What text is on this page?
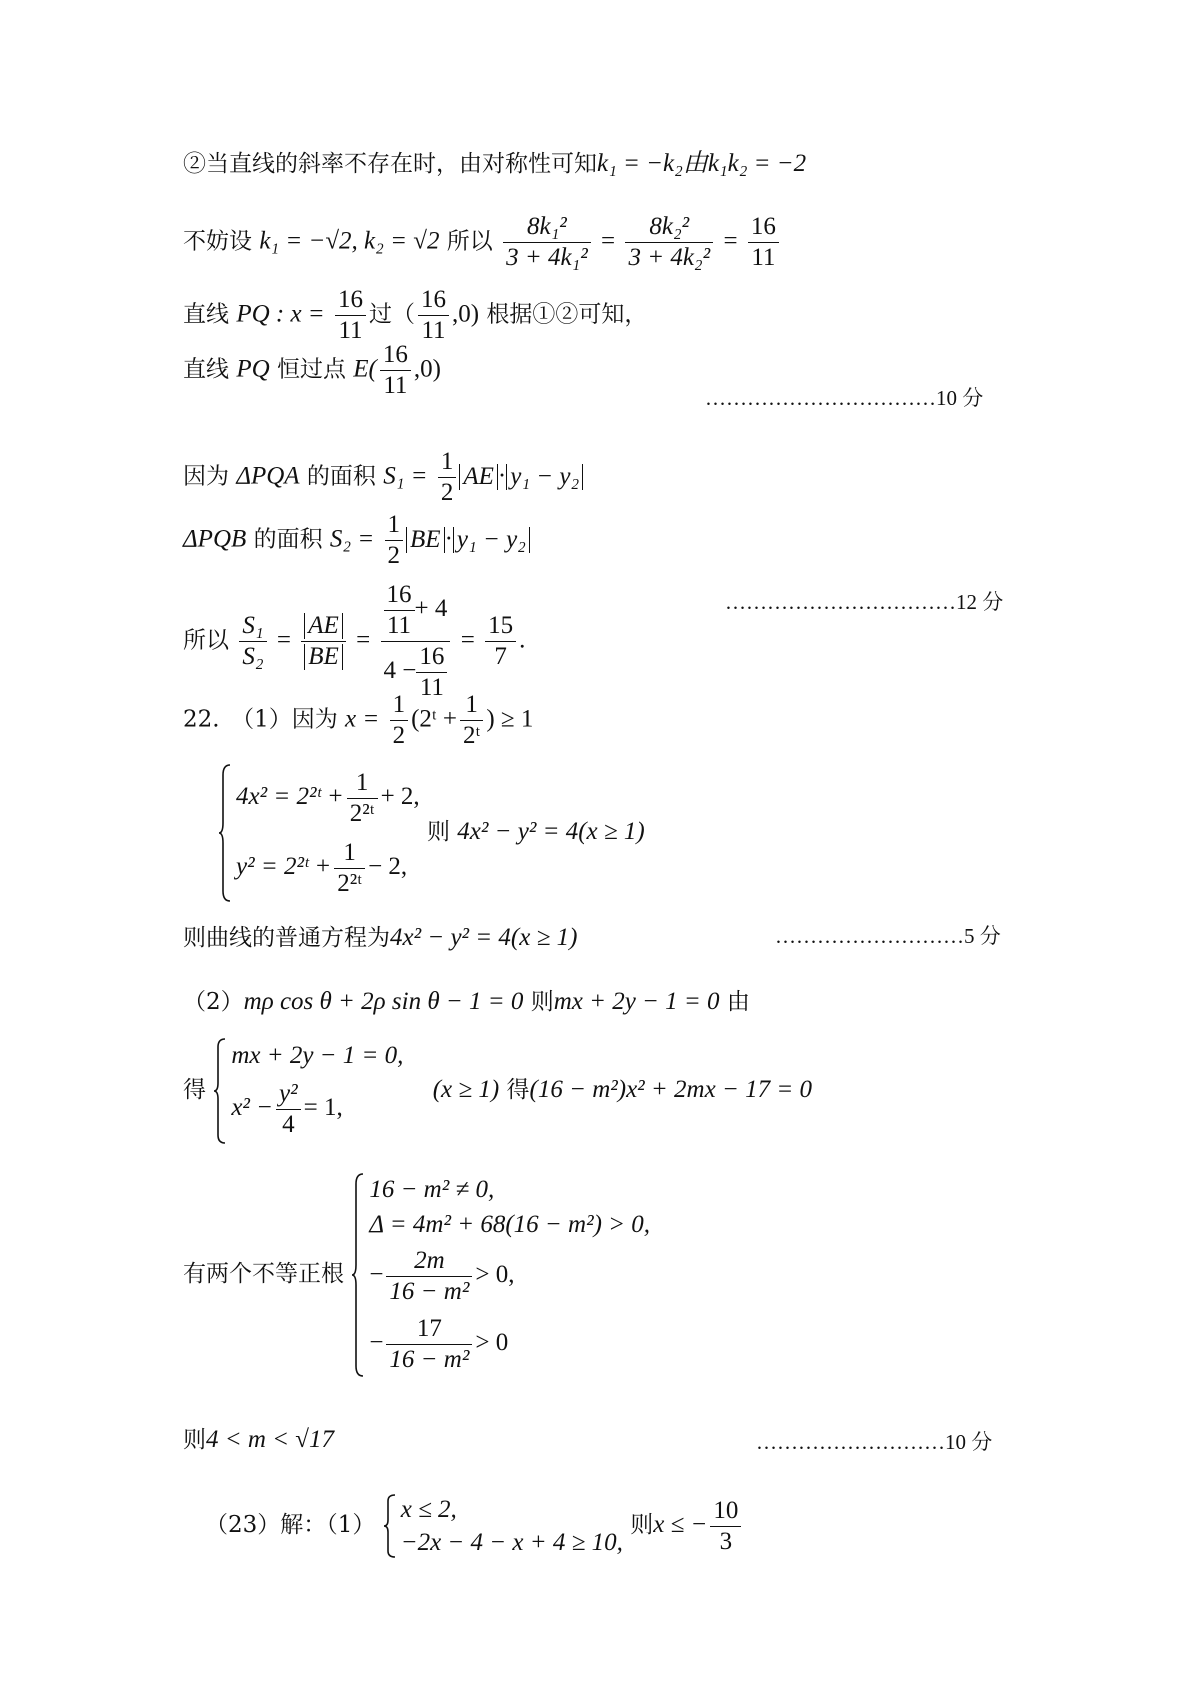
②当直线的斜率不存在时，由对称性可知k₁ = −k₂由k₁k₂ = −2
不妨设 k₁ = −√2, k₂ = √2 所以 $\frac{\text{8k₁²}}{\text{3 + 4k₁²}} = \frac{\text{8k₂²}}{\text{3 + 4k₂²}} = \frac{16}{11}$
直线 PQ : $x = \frac{16}{11}$ 过（ $\frac{16}{11} ,0$) 根据①②可知，
直线 PQ 恒过点 $E( \frac{16}{11} ,0)$
……………………………10 分
因为 ΔPQA 的面积 $S_1 = \frac{1}{2}$ AE · y₁ − y₂
ΔPQB 的面积 $S_2 = \frac{1}{2}$ BE · y₁ − y₂
所以 $\frac{\text{S₁}}{\text{S₂}} = \frac{AE}{BE} = \frac{\frac{16}{11} + 4}{4 - \frac{16}{11}} = \frac{15}{7}$ .
……………………………12 分
22.　（1）因为 $x = \frac{1}{2}$ (2ᵗ + $\frac{1}{\text{2ᵗ}}$ ) ≥ 1
4x² = 2²ᵗ + $\frac{1}{\text{2²ᵗ}} + 2$,
y² = 2²ᵗ + $\frac{1}{\text{2²ᵗ}} - 2$,
则 4x² − y² = 4(x ≥ 1)
则曲线的普通方程为4x² − y² = 4(x ≥ 1)	………………………5 分
（2）mρ cos θ + 2ρ sin θ − 1 = 0 则mx + 2y − 1 = 0 由
得
mx + 2y − 1 = 0,
$x^2 - \frac{\text{y²}}{4} = 1$,
(x ≥ 1) 得(16 − m²)x² + 2mx − 17 = 0
有两个不等正根
16 − m² ≠ 0,
Δ = 4m² + 68(16 − m²) > 0,
− $\frac{2m}{\text{16 − m²}} > 0$,
− $\frac{17}{\text{16 − m²}} > 0$
则4 < m < √17	………………………10 分
（23）解：（1）
x ≤ 2,
−2x − 4 − x + 4 ≥ 10,
则x ≤ − $\frac{10}{3}$
